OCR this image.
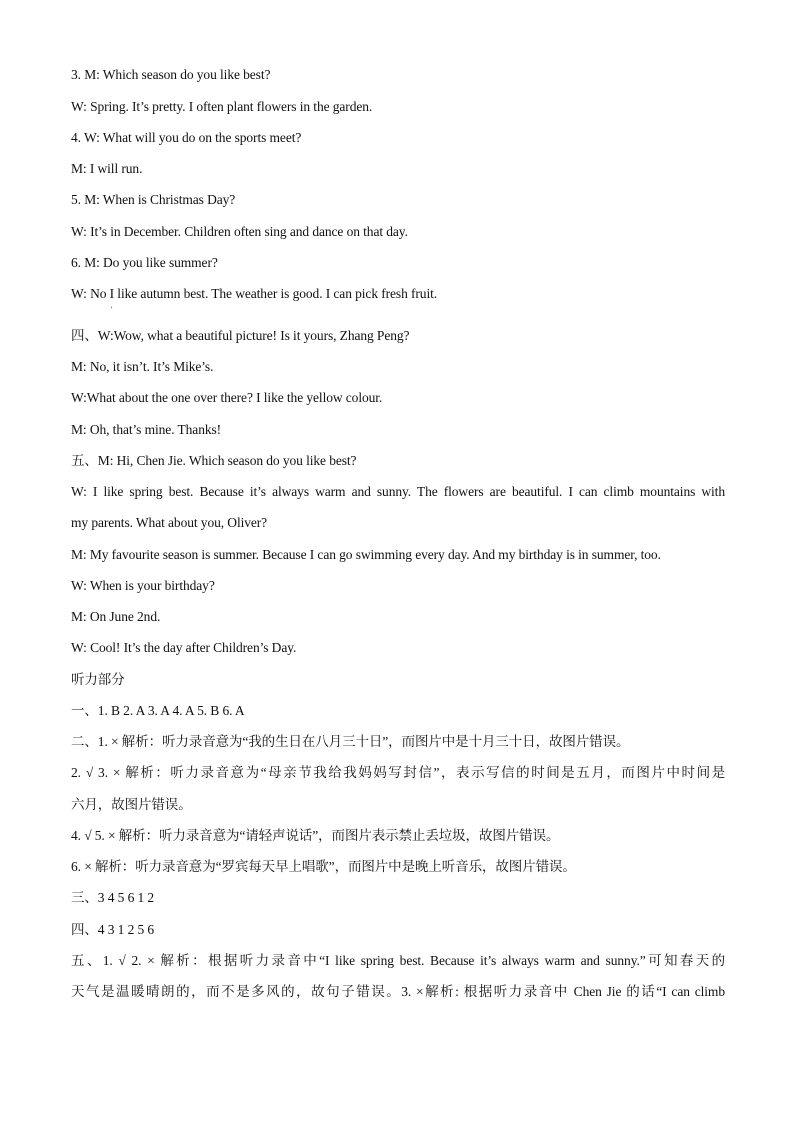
3. M: Which season do you like best?
W: Spring. It’s pretty. I often plant flowers in the garden.
4. W: What will you do on the sports meet?
M: I will run.
5. M: When is Christmas Day?
W: It’s in December. Children often sing and dance on that day.
6. M: Do you like summer?
W: No I like autumn best. The weather is good. I can pick fresh fruit.
'
四、W:Wow, what a beautiful picture! Is it yours, Zhang Peng?
M: No, it isn’t. It’s Mike’s.
W:What about the one over there? I like the yellow colour.
M: Oh, that’s mine. Thanks!
五、M: Hi, Chen Jie. Which season do you like best?
W: I like spring best. Because it’s always warm and sunny. The flowers are beautiful. I can climb mountains with
my parents. What about you, Oliver?
M: My favourite season is summer. Because I can go swimming every day. And my birthday is in summer, too.
W: When is your birthday?
M: On June 2nd.
W: Cool! It’s the day after Children’s Day.
听力部分
一、1. B 2. A 3. A 4. A 5. B 6. A
二、1. × 解析：听力录音意为“我的生日在八月三十日”，而图片中是十月三十日，故图片错误。
2. √ 3. × 解析：听力录音意为“母亲节我给我妈妈写封信”，表示写信的时间是五月，而图片中时间是
六月，故图片错误。
4. √ 5. × 解析：听力录音意为“请轻声说话”，而图片表示禁止丢垃圾，故图片错误。
6. × 解析：听力录音意为“罗宾每天早上唱歌”，而图片中是晚上听音乐，故图片错误。
三、3 4 5 6 1 2
四、4 3 1 2 5 6
五、1. √ 2. × 解析：根据听力录音中“I like spring best. Because it’s always warm and sunny.”可知春天的
天气是温暖晴朗的，而不是多风的，故句子错误。3. ×解析: 根据听力录音中 Chen Jie 的话“I can climb
